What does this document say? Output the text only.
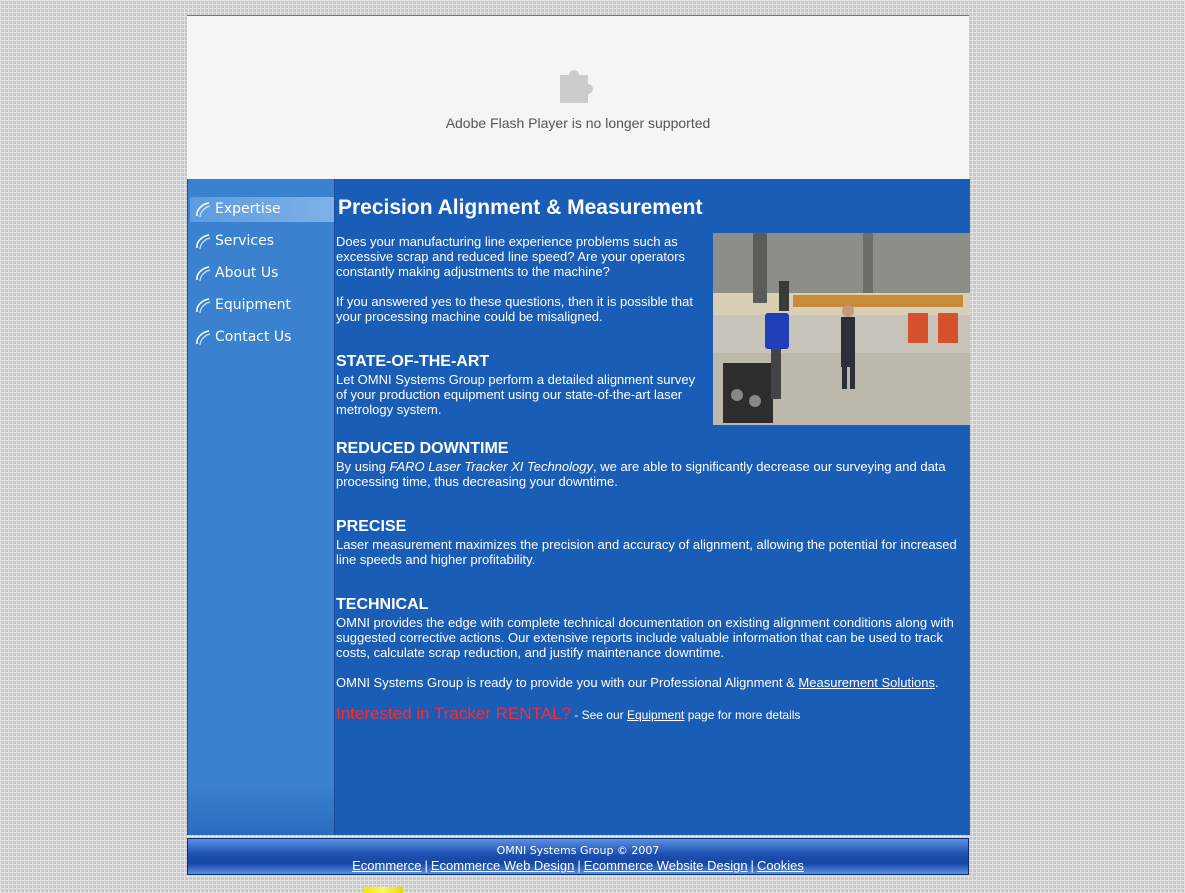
Adobe Flash Player is no longer supported
Expertise
Services
About Us
Equipment
Contact Us
Precision Alignment & Measurement

Does your manufacturing line experience problems such as excessive scrap and reduced line speed? Are your operators constantly making adjustments to the machine?

If you answered yes to these questions, then it is possible that your processing machine could be misaligned.

STATE-OF-THE-ART

Let OMNI Systems Group perform a detailed alignment survey of your production equipment using our state-of-the-art laser metrology system.

REDUCED DOWNTIME

By using FARO Laser Tracker XI Technology, we are able to significantly decrease our surveying and data processing time, thus decreasing your downtime.

PRECISE

Laser measurement maximizes the precision and accuracy of alignment, allowing the potential for increased line speeds and higher profitability.

TECHNICAL

OMNI provides the edge with complete technical documentation on existing alignment conditions along with suggested corrective actions. Our extensive reports include valuable information that can be used to track costs, calculate scrap reduction, and justify maintenance downtime.

OMNI Systems Group is ready to provide you with our Professional Alignment & Measurement Solutions.

Interested in Tracker RENTAL? - See our Equipment page for more details
OMNI Systems Group © 2007
Ecommerce | Ecommerce Web Design | Ecommerce Website Design | Cookies
